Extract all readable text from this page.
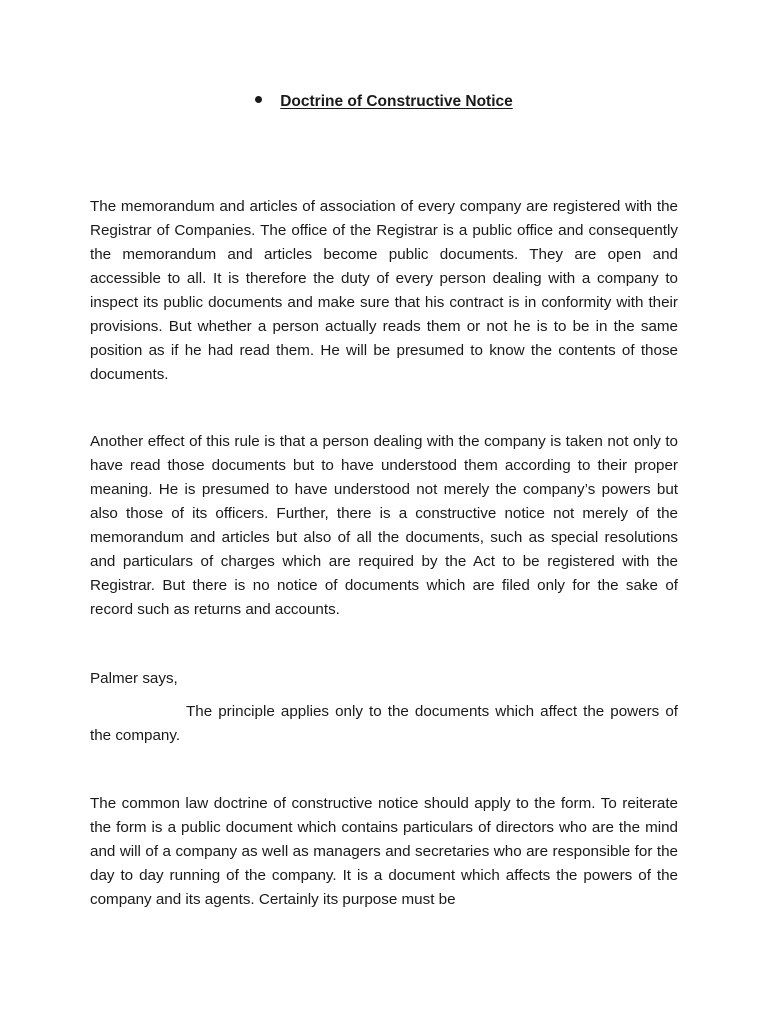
Doctrine of Constructive Notice

The memorandum and articles of association of every company are registered with the Registrar of Companies. The office of the Registrar is a public office and consequently the memorandum and articles become public documents. They are open and accessible to all. It is therefore the duty of every person dealing with a company to inspect its public documents and make sure that his contract is in conformity with their provisions. But whether a person actually reads them or not he is to be in the same position as if he had read them. He will be presumed to know the contents of those documents.

Another effect of this rule is that a person dealing with the company is taken not only to have read those documents but to have understood them according to their proper meaning. He is presumed to have understood not merely the company’s powers but also those of its officers. Further, there is a constructive notice not merely of the memorandum and articles but also of all the documents, such as special resolutions and particulars of charges which are required by the Act to be registered with the Registrar. But there is no notice of documents which are filed only for the sake of record such as returns and accounts.

Palmer says,

The principle applies only to the documents which affect the powers of the company.

The common law doctrine of constructive notice should apply to the form. To reiterate the form is a public document which contains particulars of directors who are the mind and will of a company as well as managers and secretaries who are responsible for the day to day running of the company. It is a document which affects the powers of the company and its agents. Certainly its purpose must be
